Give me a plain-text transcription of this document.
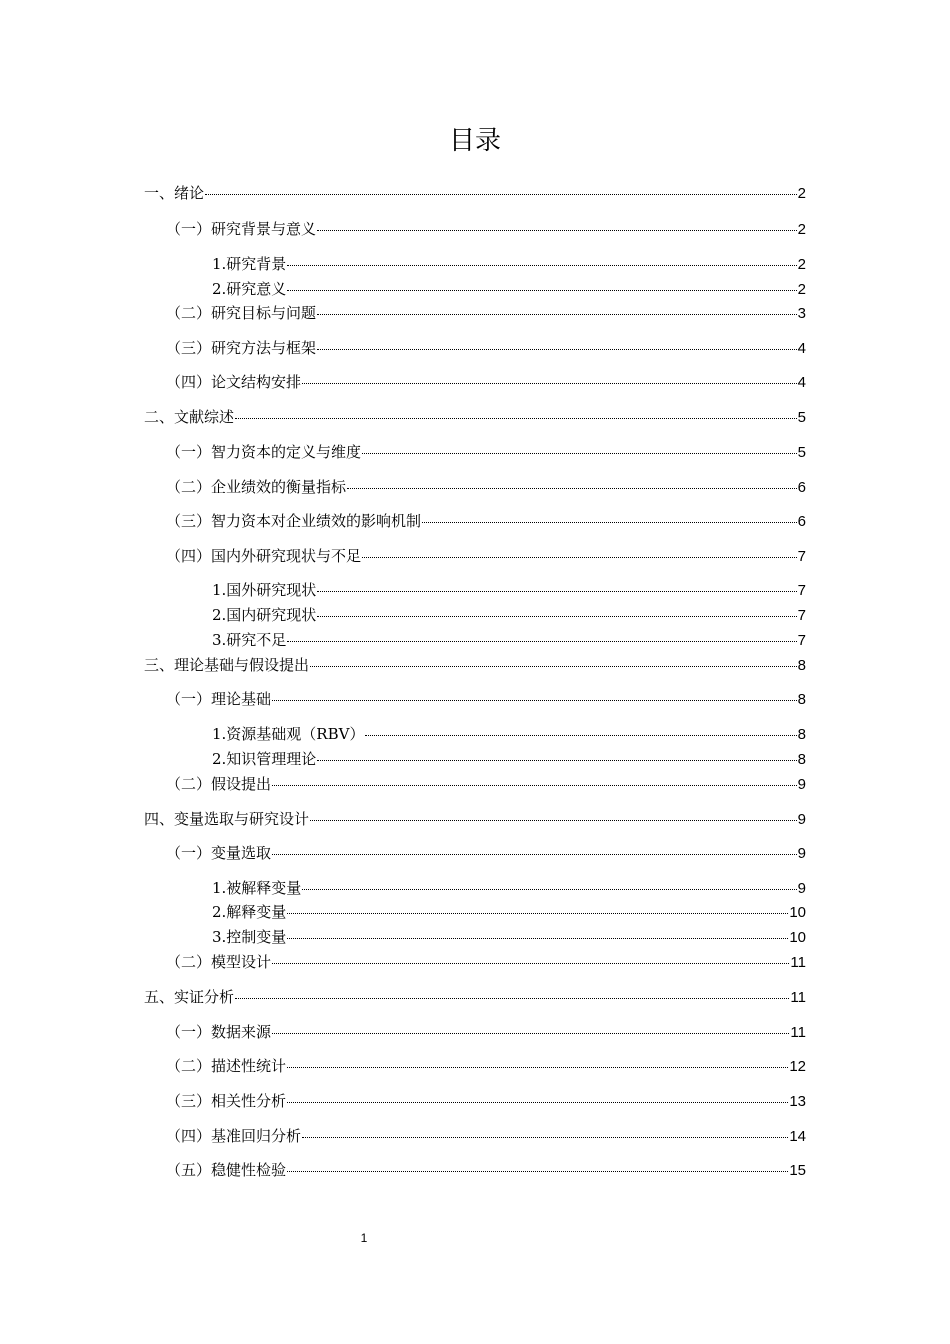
目录
一、绪论	2
（一）研究背景与意义	2
1.研究背景	2
2.研究意义	2
（二）研究目标与问题	3
（三）研究方法与框架	4
（四）论文结构安排	4
二、文献综述	5
（一）智力资本的定义与维度	5
（二）企业绩效的衡量指标	6
（三）智力资本对企业绩效的影响机制	6
（四）国内外研究现状与不足	7
1.国外研究现状	7
2.国内研究现状	7
3.研究不足	7
三、理论基础与假设提出	8
（一）理论基础	8
1.资源基础观（RBV）	8
2.知识管理理论	8
（二）假设提出	9
四、变量选取与研究设计	9
（一）变量选取	9
1.被解释变量	9
2.解释变量	10
3.控制变量	10
（二）模型设计	11
五、实证分析	11
（一）数据来源	11
（二）描述性统计	12
（三）相关性分析	13
（四）基准回归分析	14
（五）稳健性检验	15
1
